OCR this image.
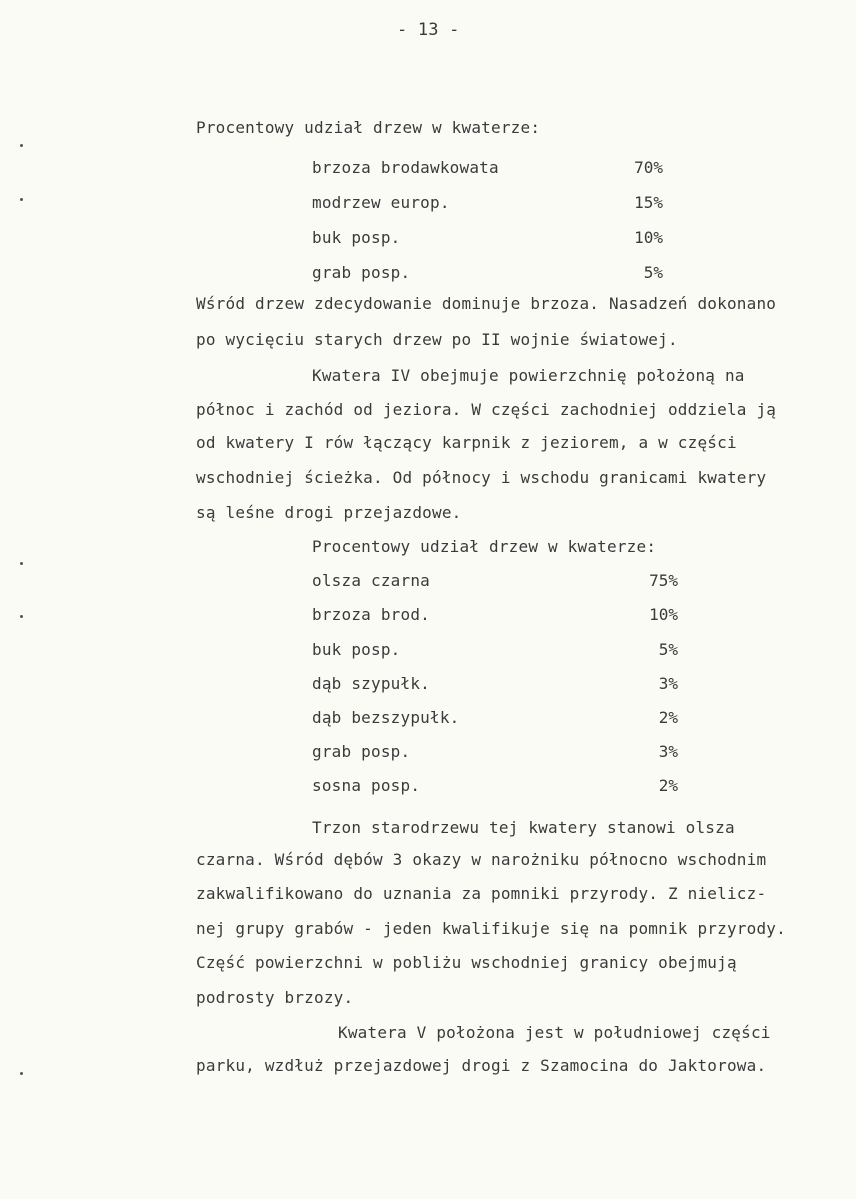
- 13 -
Procentowy udział drzew w kwaterze:
brzoza brodawkowata	70%
modrzew europ.	15%
buk posp.	10%
grab posp.	5%
Wśród drzew zdecydowanie dominuje brzoza. Nasadzeń dokonano
po wycięciu starych drzew po II wojnie światowej.
Kwatera IV obejmuje powierzchnię położoną na
północ i zachód od jeziora. W części zachodniej oddziela ją
od kwatery I rów łączący karpnik z jeziorem, a w części
wschodniej ścieżka. Od północy i wschodu granicami kwatery
są leśne drogi przejazdowe.
Procentowy udział drzew w kwaterze:
olsza czarna	75%
brzoza brod.	10%
buk posp.	5%
dąb szypułk.	3%
dąb bezszypułk.	2%
grab posp.	3%
sosna posp.	2%
Trzon starodrzewu tej kwatery stanowi olsza
czarna. Wśród dębów 3 okazy w narożniku północno wschodnim
zakwalifikowano do uznania za pomniki przyrody. Z nielicz-
nej grupy grabów - jeden kwalifikuje się na pomnik przyrody.
Część powierzchni w pobliżu wschodniej granicy obejmują
podrosty brzozy.
Kwatera V położona jest w południowej części
parku, wzdłuż przejazdowej drogi z Szamocina do Jaktorowa.
